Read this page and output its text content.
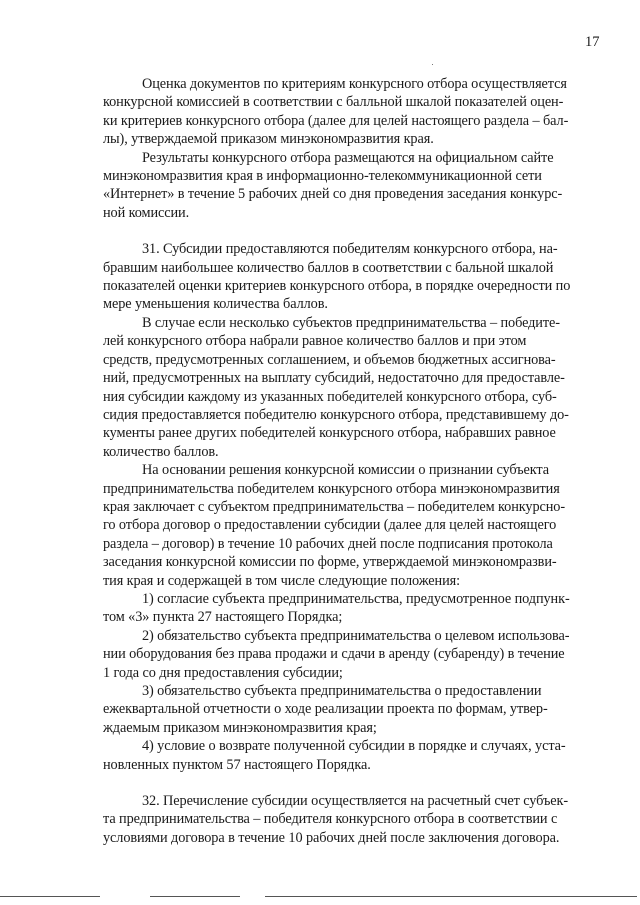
17
Оценка документов по критериям конкурсного отбора осуществляется
конкурсной комиссией в соответствии с балльной шкалой показателей оцен-
ки критериев конкурсного отбора (далее для целей настоящего раздела – бал-
лы), утверждаемой приказом минэкономразвития края.
Результаты конкурсного отбора размещаются на официальном сайте
минэкономразвития края в информационно-телекоммуникационной сети
«Интернет» в течение 5 рабочих дней со дня проведения заседания конкурс-
ной комиссии.
31. Субсидии предоставляются победителям конкурсного отбора, на-
бравшим наибольшее количество баллов в соответствии с бальной шкалой
показателей оценки критериев конкурсного отбора, в порядке очередности по
мере уменьшения количества баллов.
В случае если несколько субъектов предпринимательства – победите-
лей конкурсного отбора набрали равное количество баллов и при этом
средств, предусмотренных соглашением, и объемов бюджетных ассигнова-
ний, предусмотренных на выплату субсидий, недостаточно для предоставле-
ния субсидии каждому из указанных победителей конкурсного отбора, суб-
сидия предоставляется победителю конкурсного отбора, представившему до-
кументы ранее других победителей конкурсного отбора, набравших равное
количество баллов.
На основании решения конкурсной комиссии о признании субъекта
предпринимательства победителем конкурсного отбора минэкономразвития
края заключает с субъектом предпринимательства – победителем конкурсно-
го отбора договор о предоставлении субсидии (далее для целей настоящего
раздела – договор) в течение 10 рабочих дней после подписания протокола
заседания конкурсной комиссии по форме, утверждаемой минэкономразви-
тия края и содержащей в том числе следующие положения:
1) согласие субъекта предпринимательства, предусмотренное подпунк-
том «3» пункта 27 настоящего Порядка;
2) обязательство субъекта предпринимательства о целевом использова-
нии оборудования без права продажи и сдачи в аренду (субаренду) в течение
1 года со дня предоставления субсидии;
3) обязательство субъекта предпринимательства о предоставлении
ежеквартальной отчетности о ходе реализации проекта по формам, утвер-
ждаемым приказом минэкономразвития края;
4) условие о возврате полученной субсидии в порядке и случаях, уста-
новленных пунктом 57 настоящего Порядка.
32. Перечисление субсидии осуществляется на расчетный счет субъек-
та предпринимательства – победителя конкурсного отбора в соответствии с
условиями договора в течение 10 рабочих дней после заключения договора.
